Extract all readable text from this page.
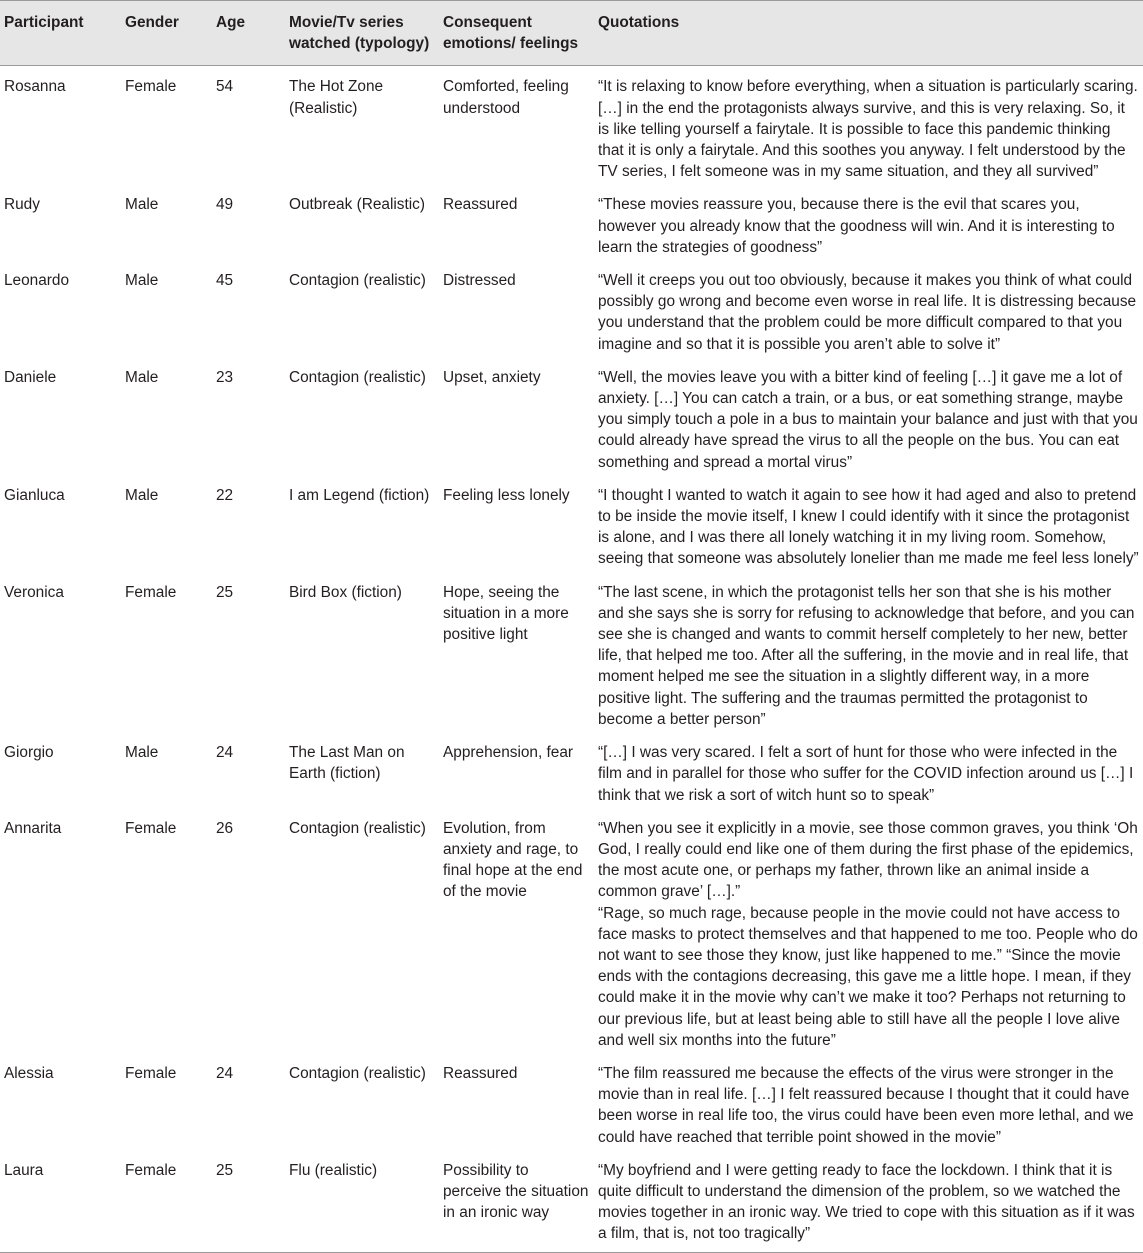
Participant	Gender	Age	Movie/Tv series watched (typology)	Consequent emotions/ feelings	Quotations
Rosanna	Female	54	The Hot Zone (Realistic)	Comforted, feeling understood	“It is relaxing to know before everything, when a situation is particularly scaring. […] in the end the protagonists always survive, and this is very relaxing. So, it is like telling yourself a fairytale. It is possible to face this pandemic thinking that it is only a fairytale. And this soothes you anyway. I felt understood by the TV series, I felt someone was in my same situation, and they all survived”

Rudy	Male	49	Outbreak (Realistic)	Reassured	“These movies reassure you, because there is the evil that scares you, however you already know that the goodness will win. And it is interesting to learn the strategies of goodness”

Leonardo	Male	45	Contagion (realistic)	Distressed	“Well it creeps you out too obviously, because it makes you think of what could possibly go wrong and become even worse in real life. It is distressing because you understand that the problem could be more difficult compared to that you imagine and so that it is possible you aren’t able to solve it”

Daniele	Male	23	Contagion (realistic)	Upset, anxiety	“Well, the movies leave you with a bitter kind of feeling […] it gave me a lot of anxiety. […] You can catch a train, or a bus, or eat something strange, maybe you simply touch a pole in a bus to maintain your balance and just with that you could already have spread the virus to all the people on the bus. You can eat something and spread a mortal virus”

Gianluca	Male	22	I am Legend (fiction)	Feeling less lonely	“I thought I wanted to watch it again to see how it had aged and also to pretend to be inside the movie itself, I knew I could identify with it since the protagonist is alone, and I was there all lonely watching it in my living room. Somehow, seeing that someone was absolutely lonelier than me made me feel less lonely”

Veronica	Female	25	Bird Box (fiction)	Hope, seeing the situation in a more positive light	“The last scene, in which the protagonist tells her son that she is his mother and she says she is sorry for refusing to acknowledge that before, and you can see she is changed and wants to commit herself completely to her new, better life, that helped me too. After all the suffering, in the movie and in real life, that moment helped me see the situation in a slightly different way, in a more positive light. The suffering and the traumas permitted the protagonist to become a better person”

Giorgio	Male	24	The Last Man on Earth (fiction)	Apprehension, fear	“[…] I was very scared. I felt a sort of hunt for those who were infected in the film and in parallel for those who suffer for the COVID infection around us […] I think that we risk a sort of witch hunt so to speak”

Annarita	Female	26	Contagion (realistic)	Evolution, from anxiety and rage, to final hope at the end of the movie	“When you see it explicitly in a movie, see those common graves, you think ‘Oh God, I really could end like one of them during the first phase of the epidemics, the most acute one, or perhaps my father, thrown like an animal inside a common grave’ […].”
“Rage, so much rage, because people in the movie could not have access to face masks to protect themselves and that happened to me too. People who do not want to see those they know, just like happened to me.” “Since the movie ends with the contagions decreasing, this gave me a little hope. I mean, if they could make it in the movie why can’t we make it too? Perhaps not returning to our previous life, but at least being able to still have all the people I love alive and well six months into the future”

Alessia	Female	24	Contagion (realistic)	Reassured	“The film reassured me because the effects of the virus were stronger in the movie than in real life. […] I felt reassured because I thought that it could have been worse in real life too, the virus could have been even more lethal, and we could have reached that terrible point showed in the movie”

Laura	Female	25	Flu (realistic)	Possibility to perceive the situation in an ironic way	“My boyfriend and I were getting ready to face the lockdown. I think that it is quite difficult to understand the dimension of the problem, so we watched the movies together in an ironic way. We tried to cope with this situation as if it was a film, that is, not too tragically”
